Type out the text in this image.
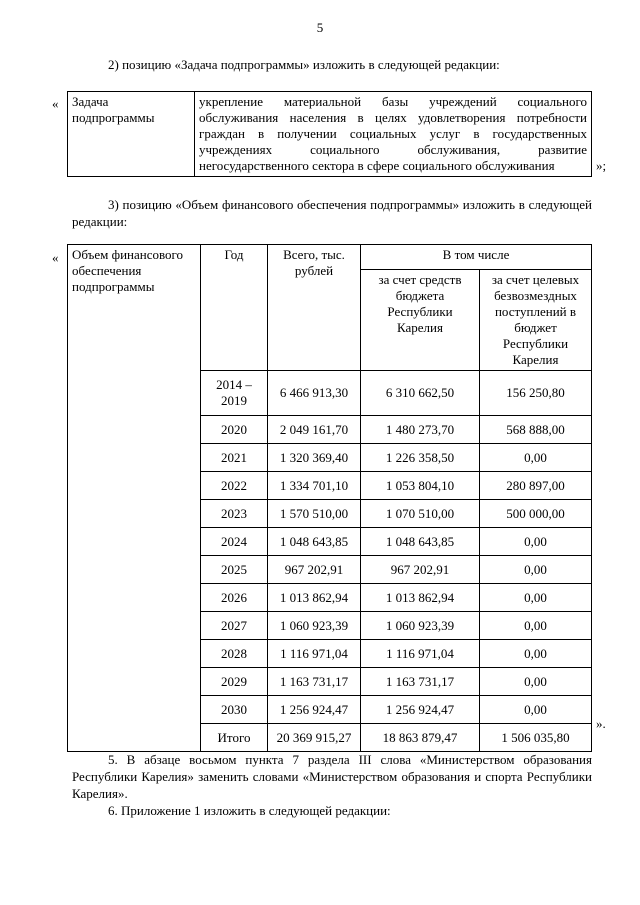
5
2) позицию «Задача подпрограммы» изложить в следующей редакции:
« Задача подпрограммы	укрепление материальной базы учреждений социального обслуживания населения в целях удовлетворения потребности граждан в получении социальных услуг в государственных учреждениях социального обслуживания, развитие негосударственного сектора в сфере социального обслуживания	»;
3) позицию «Объем финансового обеспечения подпрограммы» изложить в следующей редакции:
« Объем финансового обеспечения подпрограммы	Год	Всего, тыс. рублей	В том числе	
			за счет средств бюджета Республики Карелия	за счет целевых безвозмездных поступлений в бюджет Республики Карелия
	2014 – 2019	6 466 913,30	6 310 662,50	156 250,80
	2020	2 049 161,70	1 480 273,70	568 888,00
	2021	1 320 369,40	1 226 358,50	0,00
	2022	1 334 701,10	1 053 804,10	280 897,00
	2023	1 570 510,00	1 070 510,00	500 000,00
	2024	1 048 643,85	1 048 643,85	0,00
	2025	967 202,91	967 202,91	0,00
	2026	1 013 862,94	1 013 862,94	0,00
	2027	1 060 923,39	1 060 923,39	0,00
	2028	1 116 971,04	1 116 971,04	0,00
	2029	1 163 731,17	1 163 731,17	0,00
	2030	1 256 924,47	1 256 924,47	0,00
	Итого	20 369 915,27	18 863 879,47	1 506 035,80
».
5. В абзаце восьмом пункта 7 раздела III слова «Министерством образования Республики Карелия» заменить словами «Министерством образования и спорта Республики Карелия».
6. Приложение 1 изложить в следующей редакции:
